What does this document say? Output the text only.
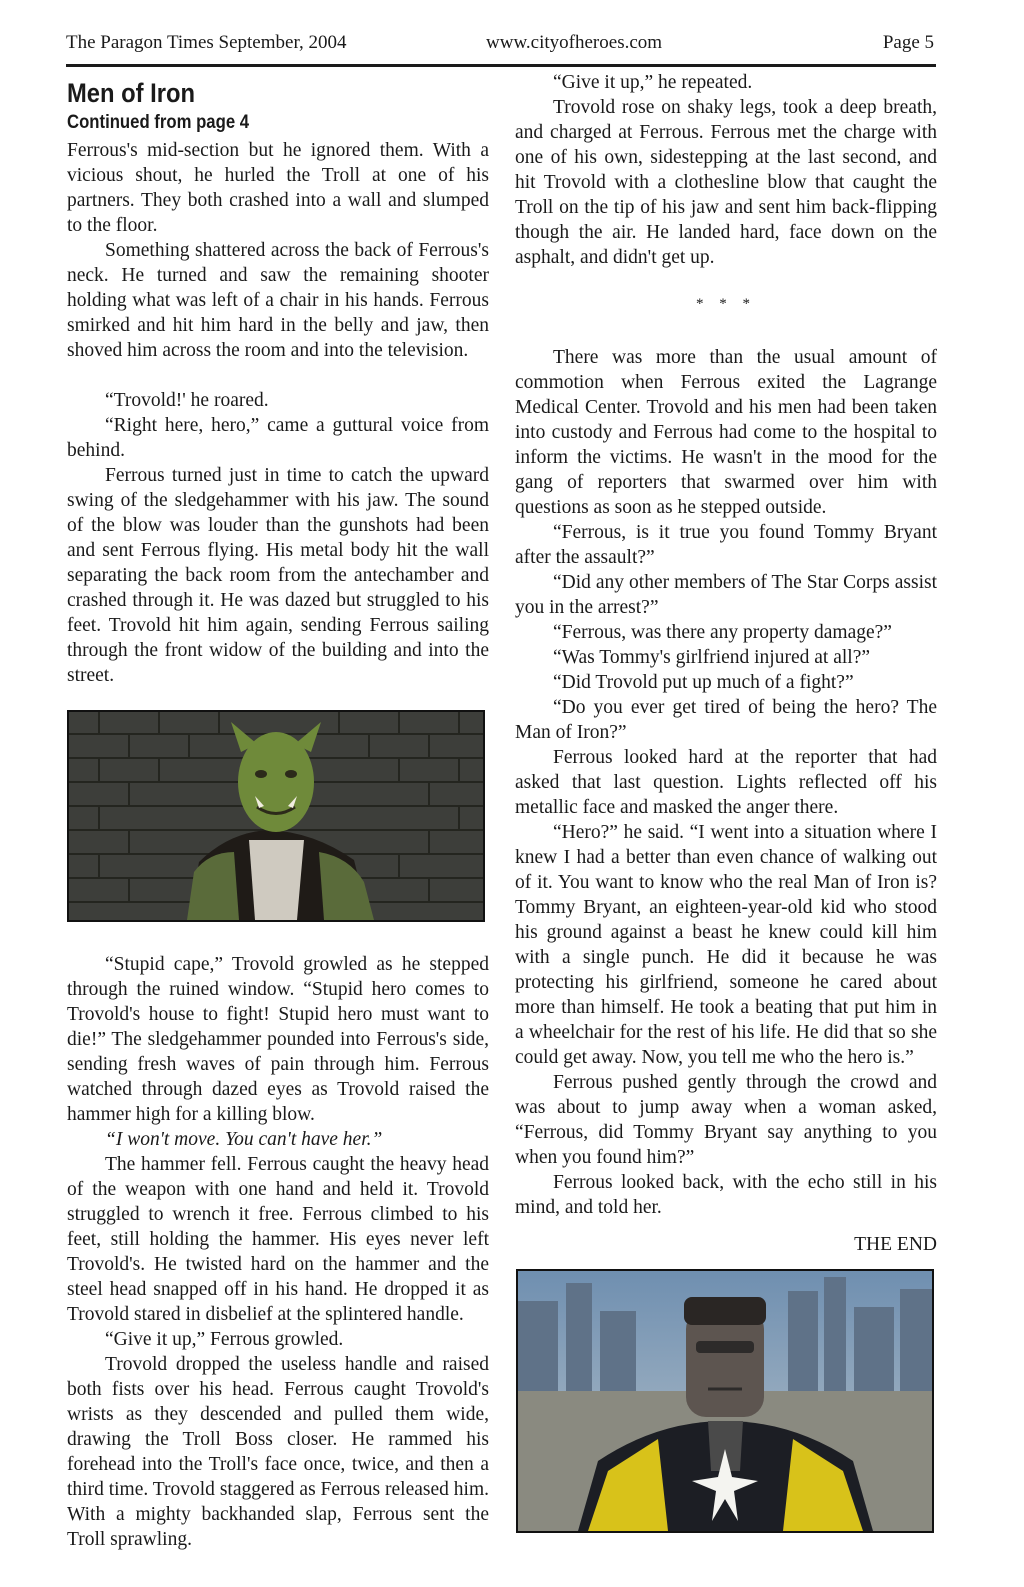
The Paragon Times September, 2004	www.cityofheroes.com	Page 5
Men of Iron
Continued from page 4

Ferrous's mid-section but he ignored them. With a vicious shout, he hurled the Troll at one of his partners. They both crashed into a wall and slumped to the floor.

Something shattered across the back of Ferrous's neck. He turned and saw the remaining shooter holding what was left of a chair in his hands. Ferrous smirked and hit him hard in the belly and jaw, then shoved him across the room and into the television.

“Trovold!' he roared.

“Right here, hero,” came a guttural voice from behind.

Ferrous turned just in time to catch the upward swing of the sledgehammer with his jaw. The sound of the blow was louder than the gunshots had been and sent Ferrous flying. His metal body hit the wall separating the back room from the antechamber and crashed through it. He was dazed but struggled to his feet. Trovold hit him again, sending Ferrous sailing through the front widow of the building and into the street.

“Stupid cape,” Trovold growled as he stepped through the ruined window. “Stupid hero comes to Trovold's house to fight! Stupid hero must want to die!” The sledgehammer pounded into Ferrous's side, sending fresh waves of pain through him. Ferrous watched through dazed eyes as Trovold raised the hammer high for a killing blow.

“I won't move. You can't have her.”

The hammer fell. Ferrous caught the heavy head of the weapon with one hand and held it. Trovold struggled to wrench it free. Ferrous climbed to his feet, still holding the hammer. His eyes never left Trovold's. He twisted hard on the hammer and the steel head snapped off in his hand. He dropped it as Trovold stared in disbelief at the splintered handle.

“Give it up,” Ferrous growled.

Trovold dropped the useless handle and raised both fists over his head. Ferrous caught Trovold's wrists as they descended and pulled them wide, drawing the Troll Boss closer. He rammed his forehead into the Troll's face once, twice, and then a third time. Trovold staggered as Ferrous released him. With a mighty backhanded slap, Ferrous sent the Troll sprawling.

“Give it up,” he repeated.

Trovold rose on shaky legs, took a deep breath, and charged at Ferrous. Ferrous met the charge with one of his own, sidestepping at the last second, and hit Trovold with a clothesline blow that caught the Troll on the tip of his jaw and sent him back-flipping though the air. He landed hard, face down on the asphalt, and didn't get up.

* * *

There was more than the usual amount of commotion when Ferrous exited the Lagrange Medical Center. Trovold and his men had been taken into custody and Ferrous had come to the hospital to inform the victims. He wasn't in the mood for the gang of reporters that swarmed over him with questions as soon as he stepped outside.

“Ferrous, is it true you found Tommy Bryant after the assault?”

“Did any other members of The Star Corps assist you in the arrest?”

“Ferrous, was there any property damage?”

“Was Tommy's girlfriend injured at all?”

“Did Trovold put up much of a fight?”

“Do you ever get tired of being the hero? The Man of Iron?”

Ferrous looked hard at the reporter that had asked that last question. Lights reflected off his metallic face and masked the anger there.

“Hero?” he said. “I went into a situation where I knew I had a better than even chance of walking out of it. You want to know who the real Man of Iron is? Tommy Bryant, an eighteen-year-old kid who stood his ground against a beast he knew could kill him with a single punch. He did it because he was protecting his girlfriend, someone he cared about more than himself. He took a beating that put him in a wheelchair for the rest of his life. He did that so she could get away. Now, you tell me who the hero is.”

Ferrous pushed gently through the crowd and was about to jump away when a woman asked, “Ferrous, did Tommy Bryant say anything to you when you found him?”

Ferrous looked back, with the echo still in his mind, and told her.

THE END
